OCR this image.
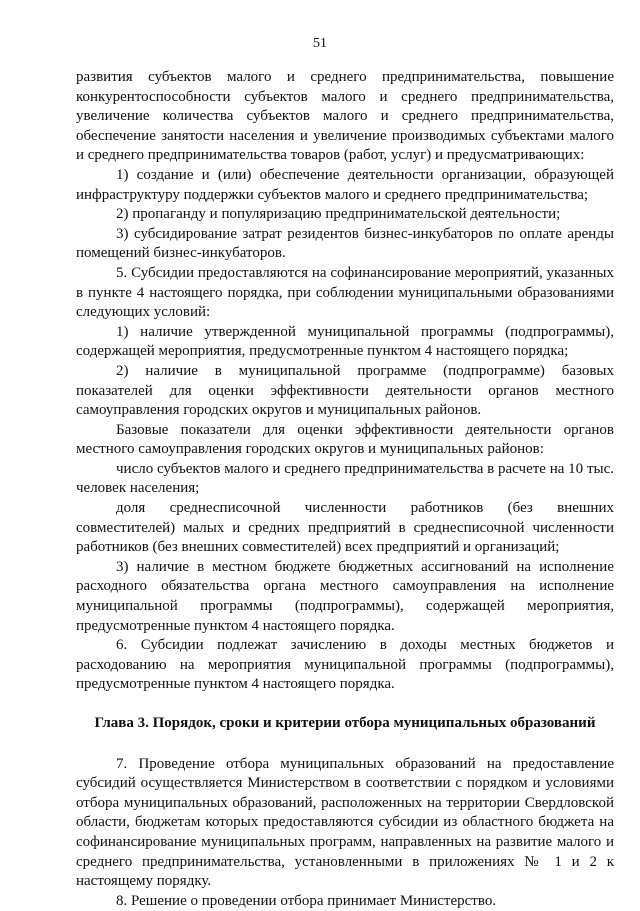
51

развития субъектов малого и среднего предпринимательства, повышение конкурентоспособности субъектов малого и среднего предпринимательства, увеличение количества субъектов малого и среднего предпринимательства, обеспечение занятости населения и увеличение производимых субъектами малого и среднего предпринимательства товаров (работ, услуг) и предусматривающих:

1) создание и (или) обеспечение деятельности организации, образующей инфраструктуру поддержки субъектов малого и среднего предпринимательства;

2) пропаганду и популяризацию предпринимательской деятельности;

3) субсидирование затрат резидентов бизнес-инкубаторов по оплате аренды помещений бизнес-инкубаторов.

5. Субсидии предоставляются на софинансирование мероприятий, указанных в пункте 4 настоящего порядка, при соблюдении муниципальными образованиями следующих условий:

1) наличие утвержденной муниципальной программы (подпрограммы), содержащей мероприятия, предусмотренные пунктом 4 настоящего порядка;

2) наличие в муниципальной программе (подпрограмме) базовых показателей для оценки эффективности деятельности органов местного самоуправления городских округов и муниципальных районов.

Базовые показатели для оценки эффективности деятельности органов местного самоуправления городских округов и муниципальных районов:

число субъектов малого и среднего предпринимательства в расчете на 10 тыс. человек населения;

доля среднесписочной численности работников (без внешних совместителей) малых и средних предприятий в среднесписочной численности работников (без внешних совместителей) всех предприятий и организаций;

3) наличие в местном бюджете бюджетных ассигнований на исполнение расходного обязательства органа местного самоуправления на исполнение муниципальной программы (подпрограммы), содержащей мероприятия, предусмотренные пунктом 4 настоящего порядка.

6. Субсидии подлежат зачислению в доходы местных бюджетов и расходованию на мероприятия муниципальной программы (подпрограммы), предусмотренные пунктом 4 настоящего порядка.

Глава 3. Порядок, сроки и критерии отбора муниципальных образований

7. Проведение отбора муниципальных образований на предоставление субсидий осуществляется Министерством в соответствии с порядком и условиями отбора муниципальных образований, расположенных на территории Свердловской области, бюджетам которых предоставляются субсидии из областного бюджета на софинансирование муниципальных программ, направленных на развитие малого и среднего предпринимательства, установленными в приложениях № 1 и 2 к настоящему порядку.

8. Решение о проведении отбора принимает Министерство.
